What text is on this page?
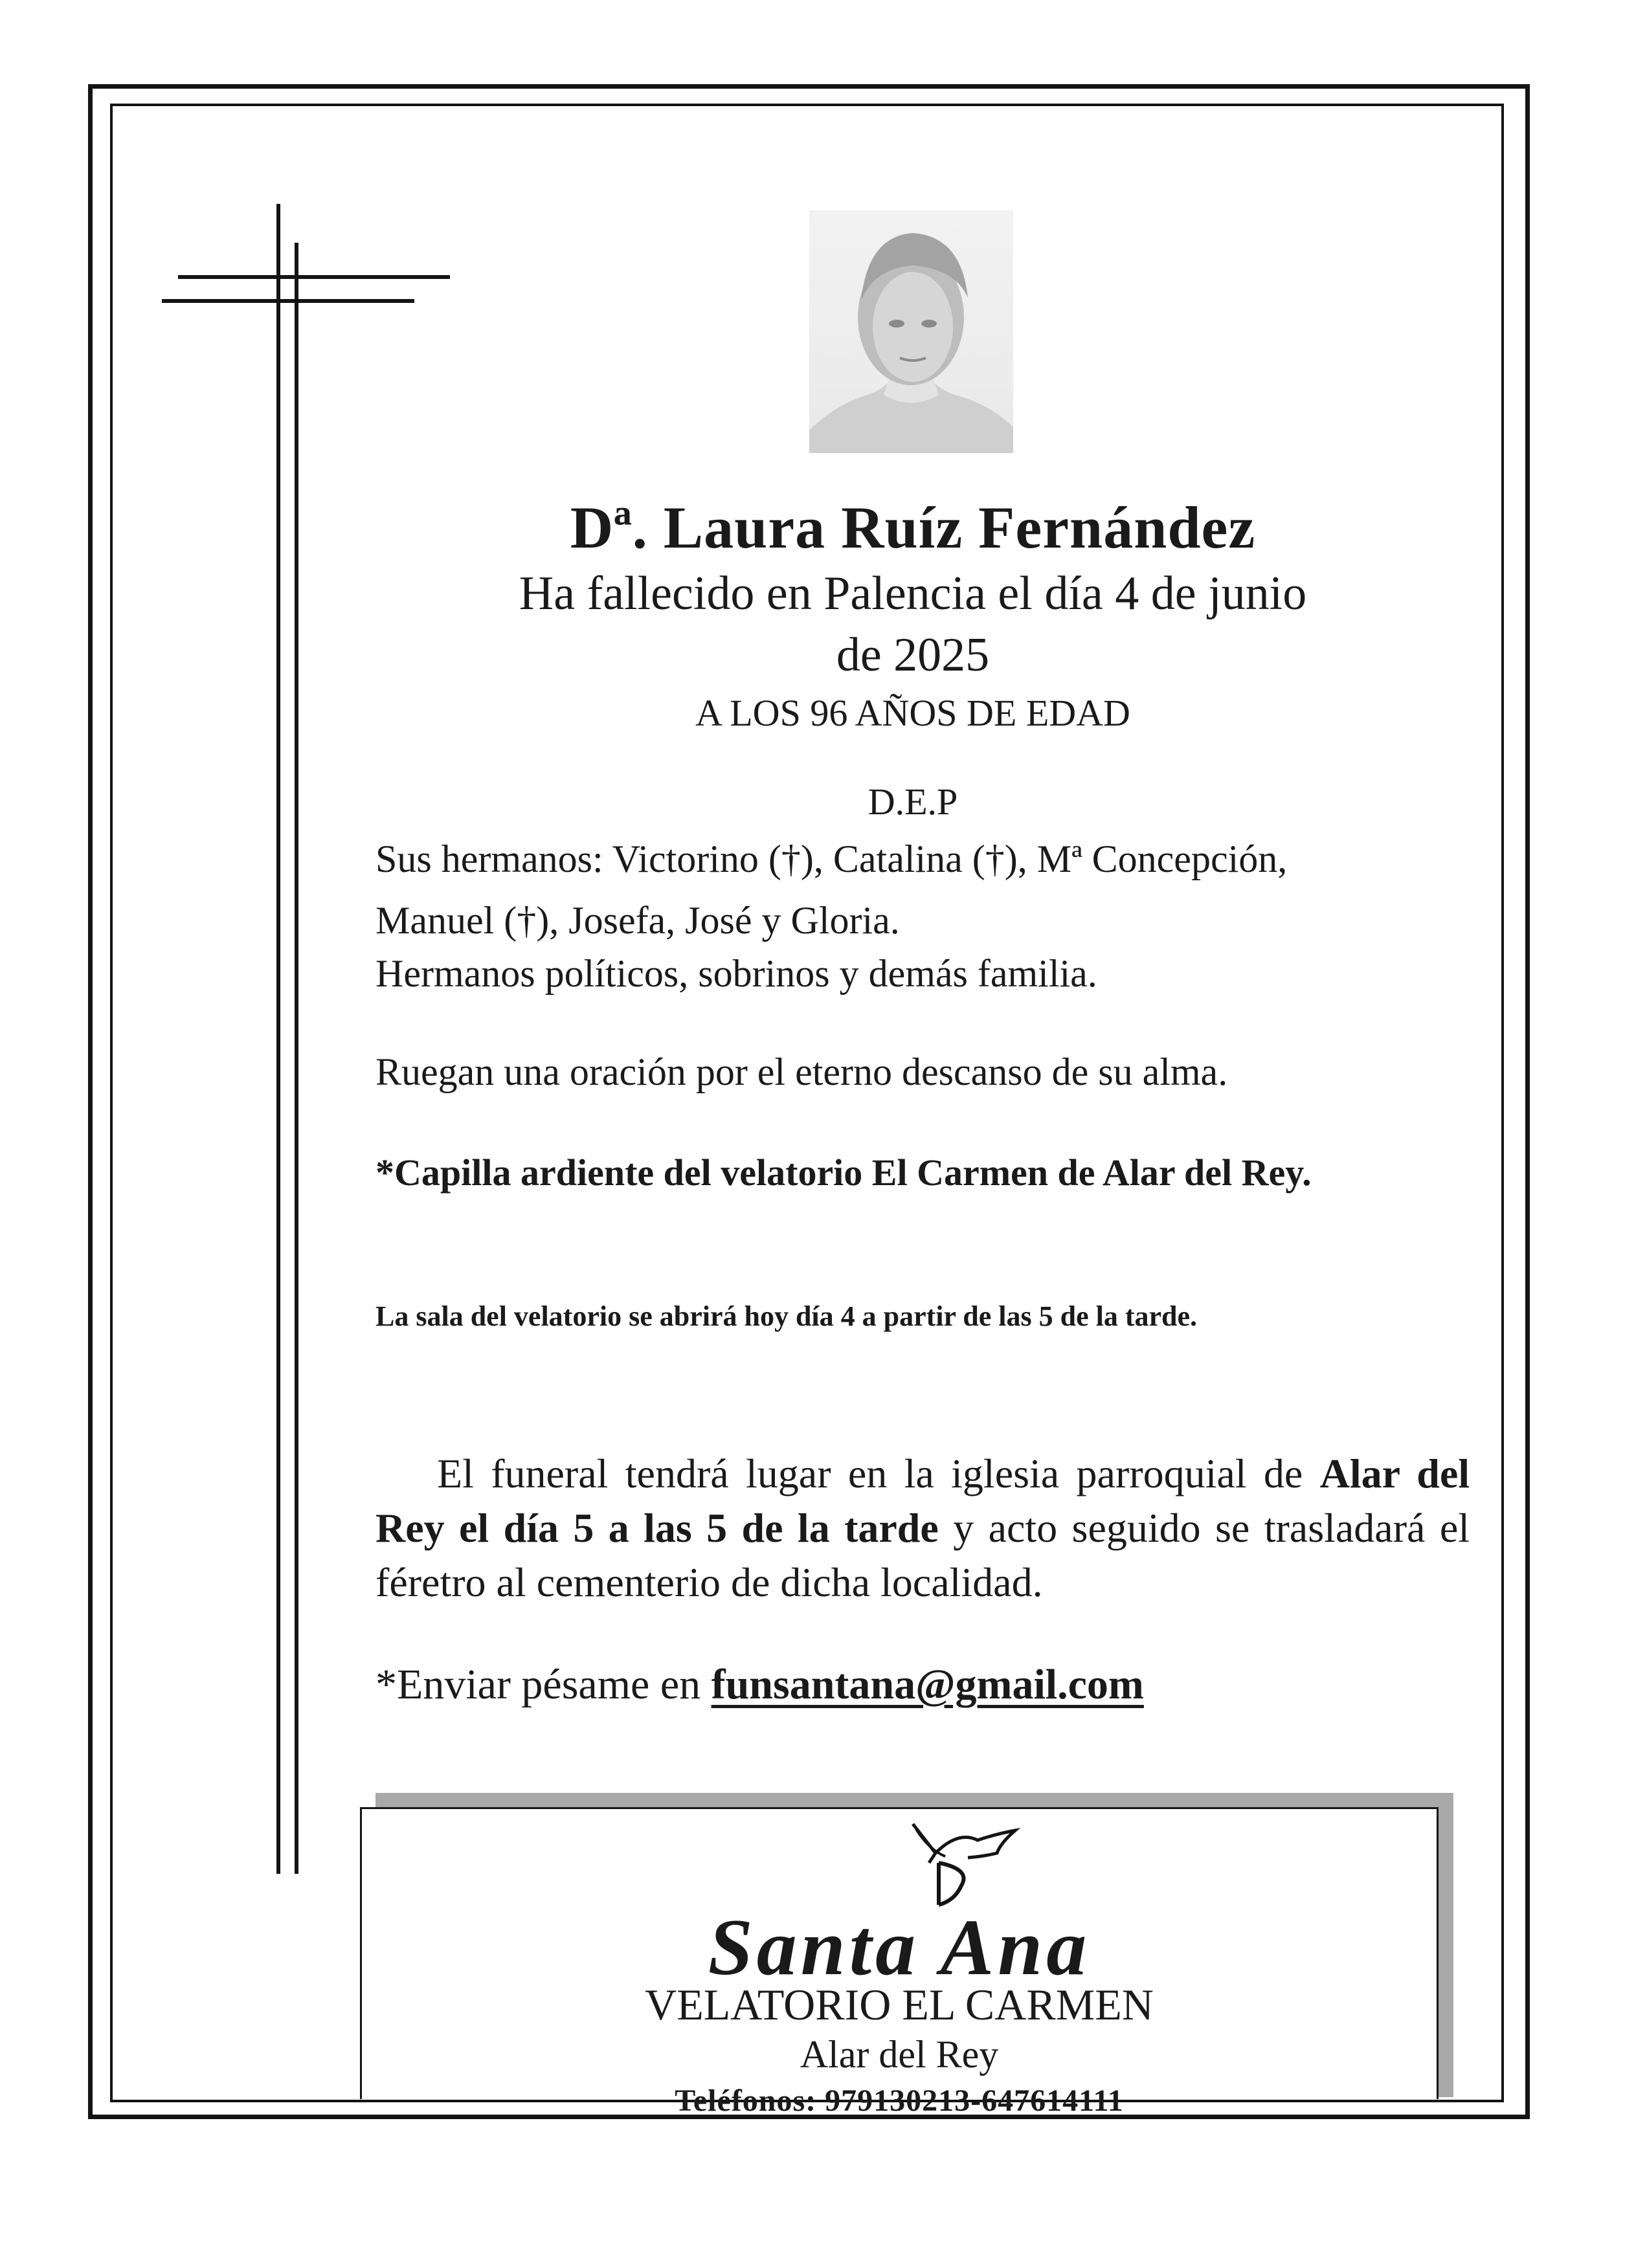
Dª. Laura Ruíz Fernández
Ha fallecido en Palencia el día 4 de junio
de 2025
A LOS 96 AÑOS DE EDAD
D.E.P
Sus hermanos: Victorino (†), Catalina (†), Mª Concepción,
Manuel (†), Josefa, José y Gloria.
Hermanos políticos, sobrinos y demás familia.
Ruegan una oración por el eterno descanso de su alma.
*Capilla ardiente del velatorio El Carmen de Alar del Rey.
La sala del velatorio se abrirá hoy día 4 a partir de las 5 de la tarde.
El funeral tendrá lugar en la iglesia parroquial de Alar del Rey el día 5 a las 5 de la tarde y acto seguido se trasladará el féretro al cementerio de dicha localidad.
*Enviar pésame en funsantana@gmail.com
Santa Ana
VELATORIO EL CARMEN
Alar del Rey
Teléfonos: 979130213-647614111
